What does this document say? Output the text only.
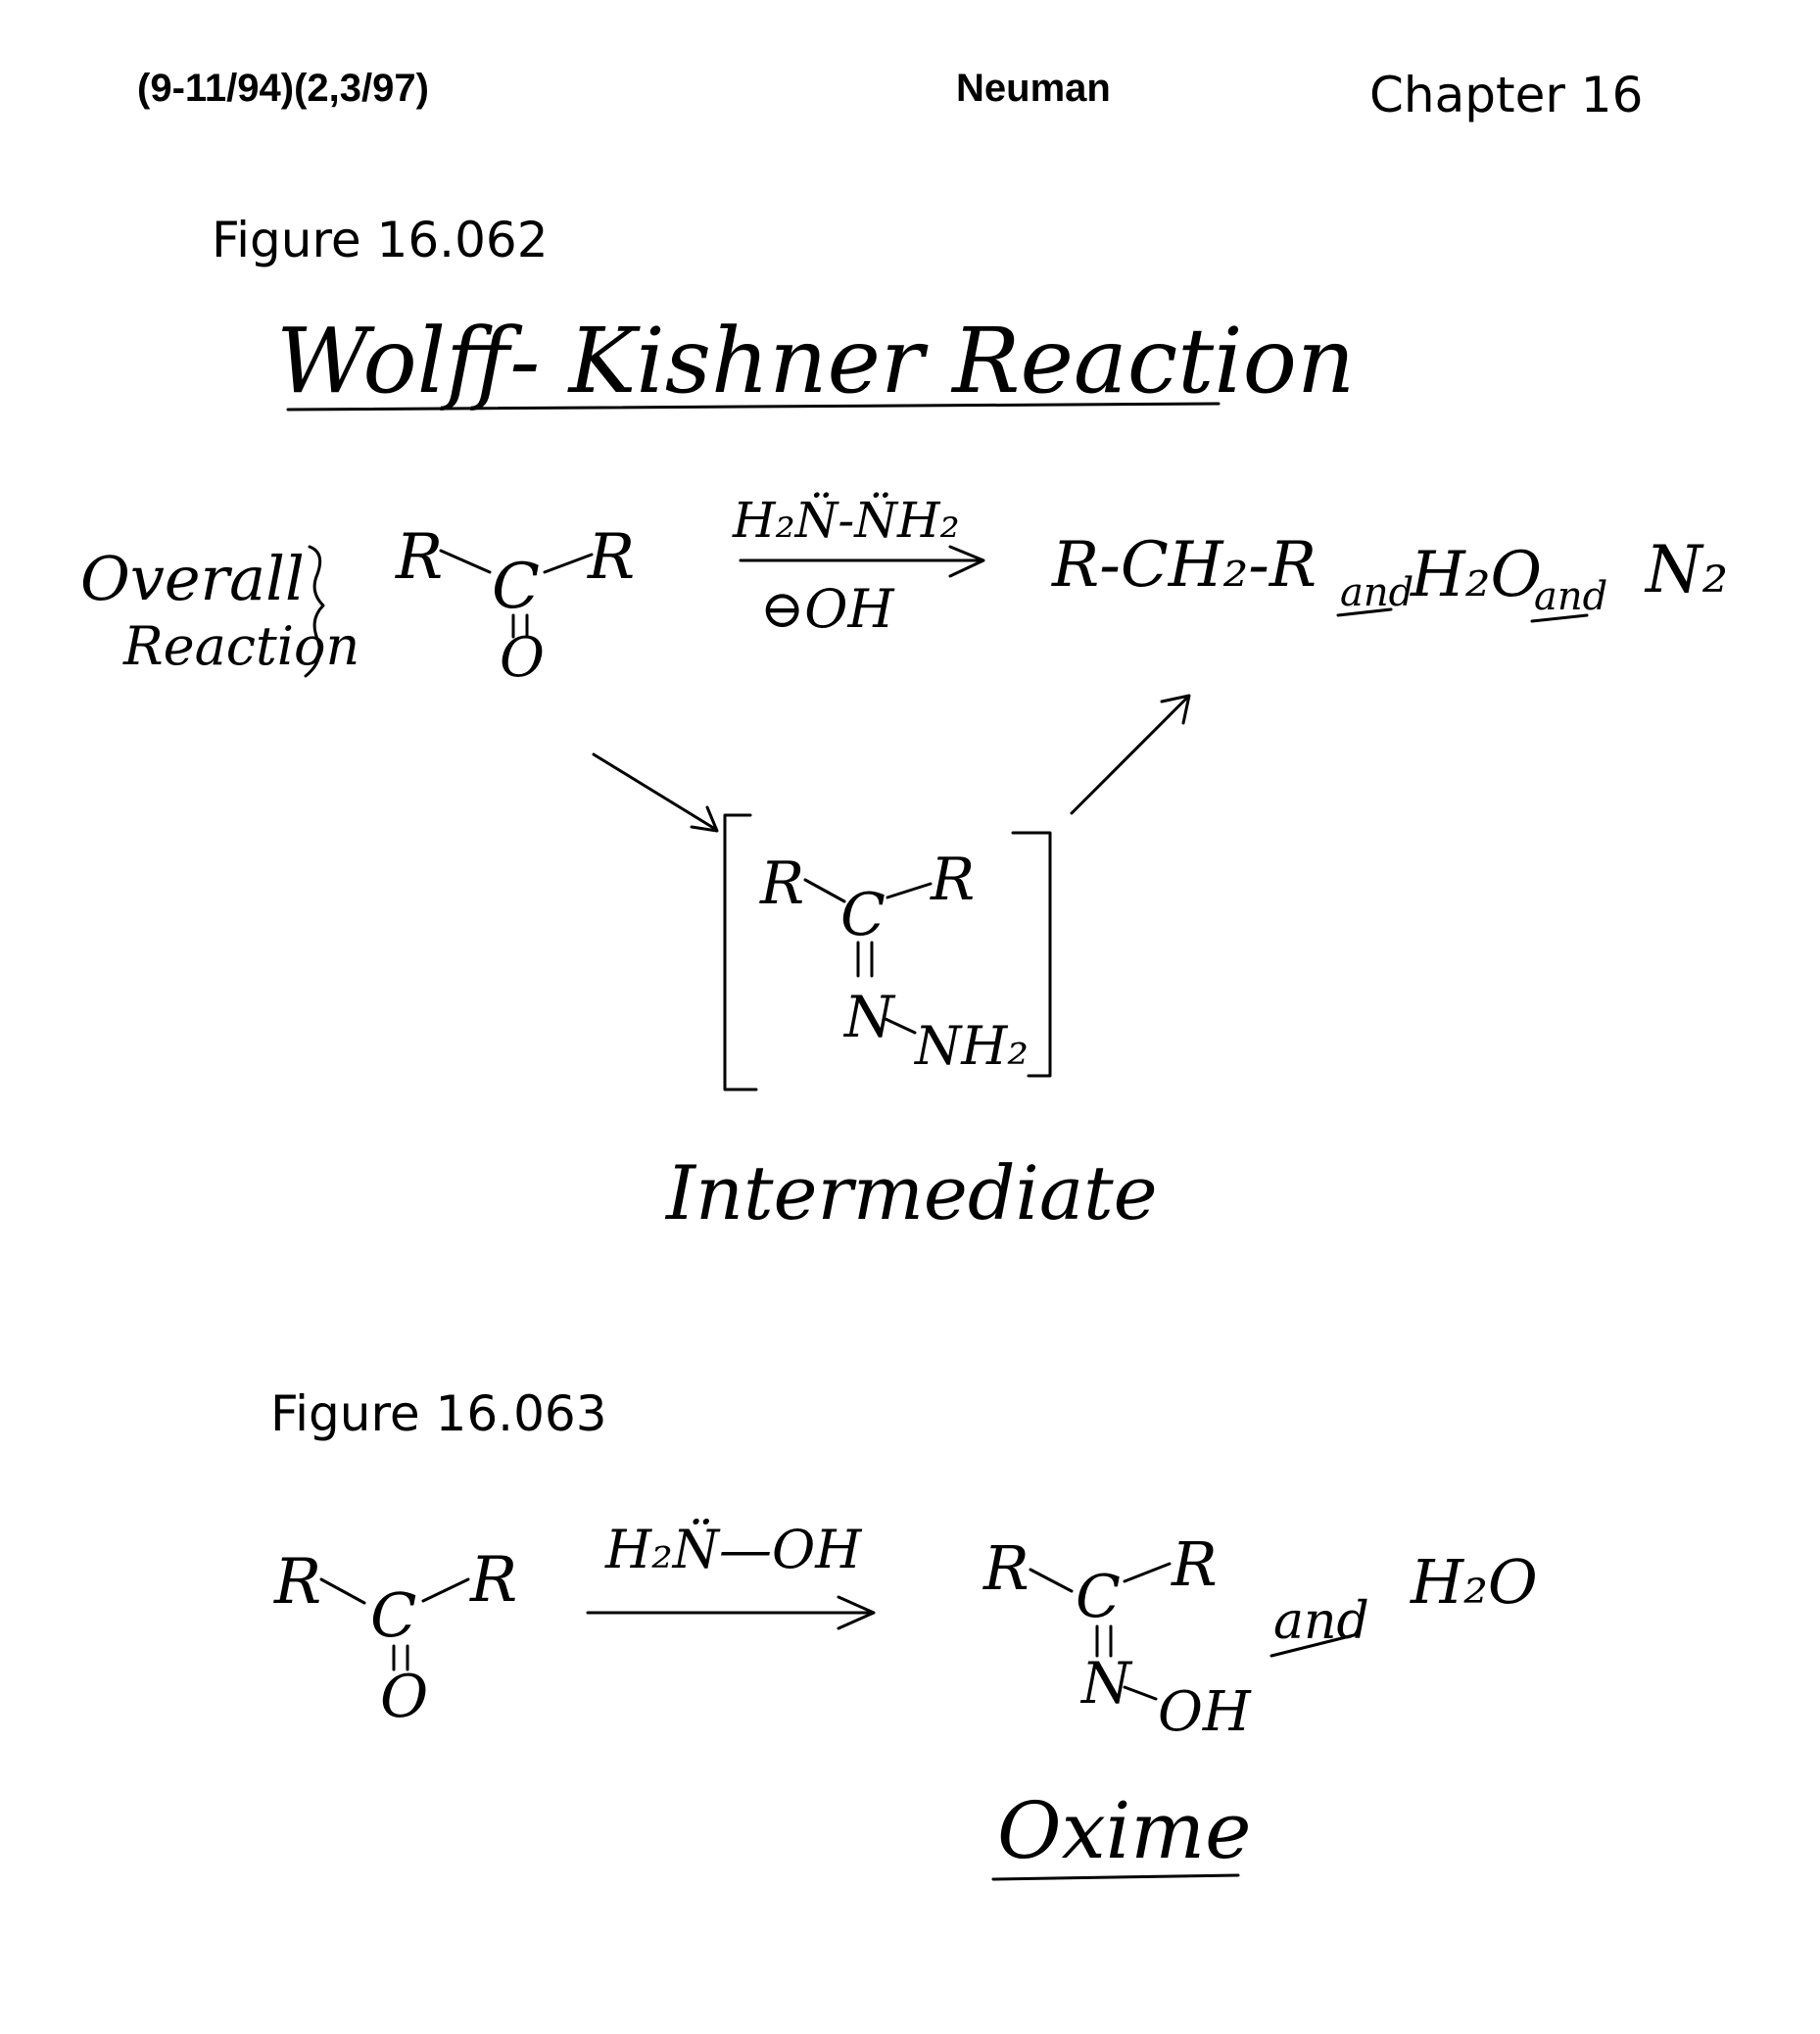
(9-11/94)(2,3/97)	Neuman	Chapter 16
Figure 16.062
Wolff- Kishner Reaction
Overall
Reaction
R C R
O
H₂N̈-N̈H₂
⊖OH
R-CH₂-R and
H₂O
and N₂
R C
R
N NH₂
Intermediate
Figure 16.063
R C R
O
H₂N̈—OH R C R
N OH
and
H₂O
Oxime
